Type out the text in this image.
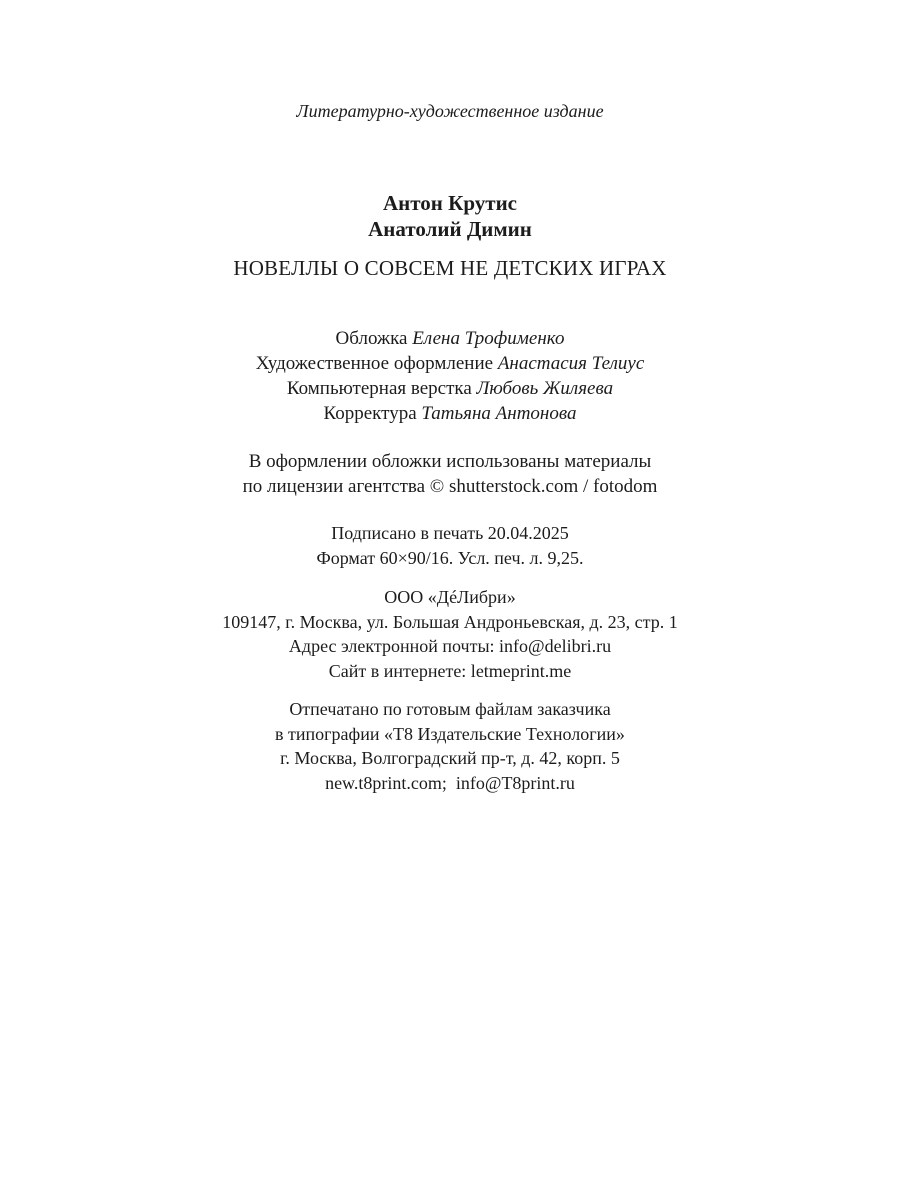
Литературно-художественное издание
Антон Крутис
Анатолий Димин
НОВЕЛЛЫ О СОВСЕМ НЕ ДЕТСКИХ ИГРАХ
Обложка Елена Трофименко
Художественное оформление Анастасия Телиус
Компьютерная верстка Любовь Жиляева
Корректура Татьяна Антонова
В оформлении обложки использованы материалы
по лицензии агентства © shutterstock.com / fotodom
Подписано в печать 20.04.2025
Формат 60×90/16. Усл. печ. л. 9,25.
ООО «ДéЛибри»
109147, г. Москва, ул. Большая Андроньевская, д. 23, стр. 1
Адрес электронной почты: info@delibri.ru
Сайт в интернете: letmeprint.me
Отпечатано по готовым файлам заказчика
в типографии «Т8 Издательские Технологии»
г. Москва, Волгоградский пр-т, д. 42, корп. 5
new.t8print.com;  info@T8print.ru
